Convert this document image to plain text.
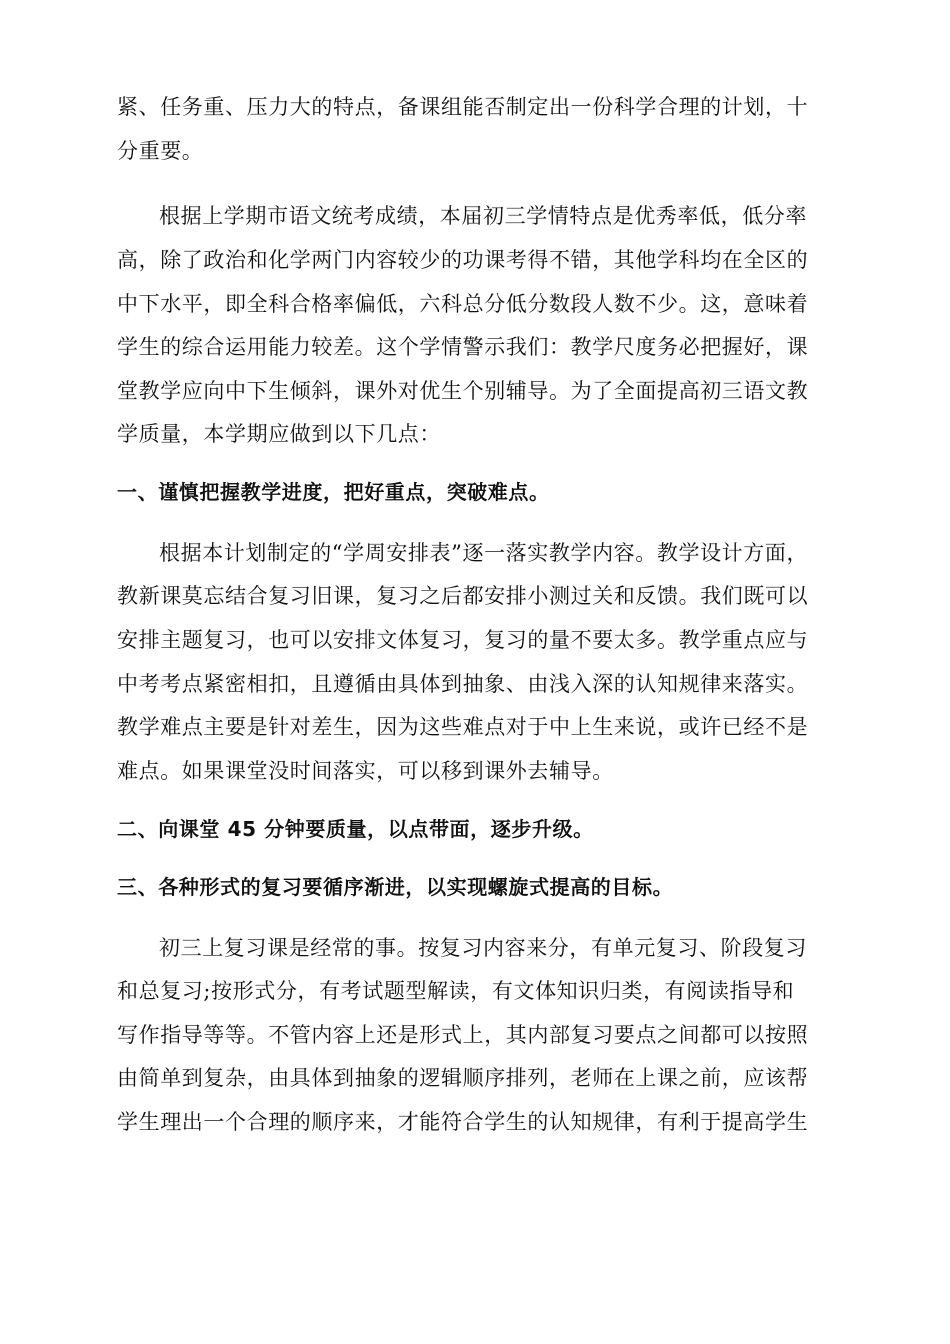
紧、任务重、压力大的特点，备课组能否制定出一份科学合理的计划，十
分重要。
根据上学期市语文统考成绩，本届初三学情特点是优秀率低，低分率
高，除了政治和化学两门内容较少的功课考得不错，其他学科均在全区的
中下水平，即全科合格率偏低，六科总分低分数段人数不少。这，意味着
学生的综合运用能力较差。这个学情警示我们：教学尺度务必把握好，课
堂教学应向中下生倾斜，课外对优生个别辅导。为了全面提高初三语文教
学质量，本学期应做到以下几点：
一、谨慎把握教学进度，把好重点，突破难点。
根据本计划制定的“学周安排表”逐一落实教学内容。教学设计方面，
教新课莫忘结合复习旧课，复习之后都安排小测过关和反馈。我们既可以
安排主题复习，也可以安排文体复习，复习的量不要太多。教学重点应与
中考考点紧密相扣，且遵循由具体到抽象、由浅入深的认知规律来落实。
教学难点主要是针对差生，因为这些难点对于中上生来说，或许已经不是
难点。如果课堂没时间落实，可以移到课外去辅导。
二、向课堂 45 分钟要质量，以点带面，逐步升级。
三、各种形式的复习要循序渐进，以实现螺旋式提高的目标。
初三上复习课是经常的事。按复习内容来分，有单元复习、阶段复习
和总复习;按形式分，有考试题型解读，有文体知识归类，有阅读指导和
写作指导等等。不管内容上还是形式上，其内部复习要点之间都可以按照
由简单到复杂，由具体到抽象的逻辑顺序排列，老师在上课之前，应该帮
学生理出一个合理的顺序来，才能符合学生的认知规律，有利于提高学生
